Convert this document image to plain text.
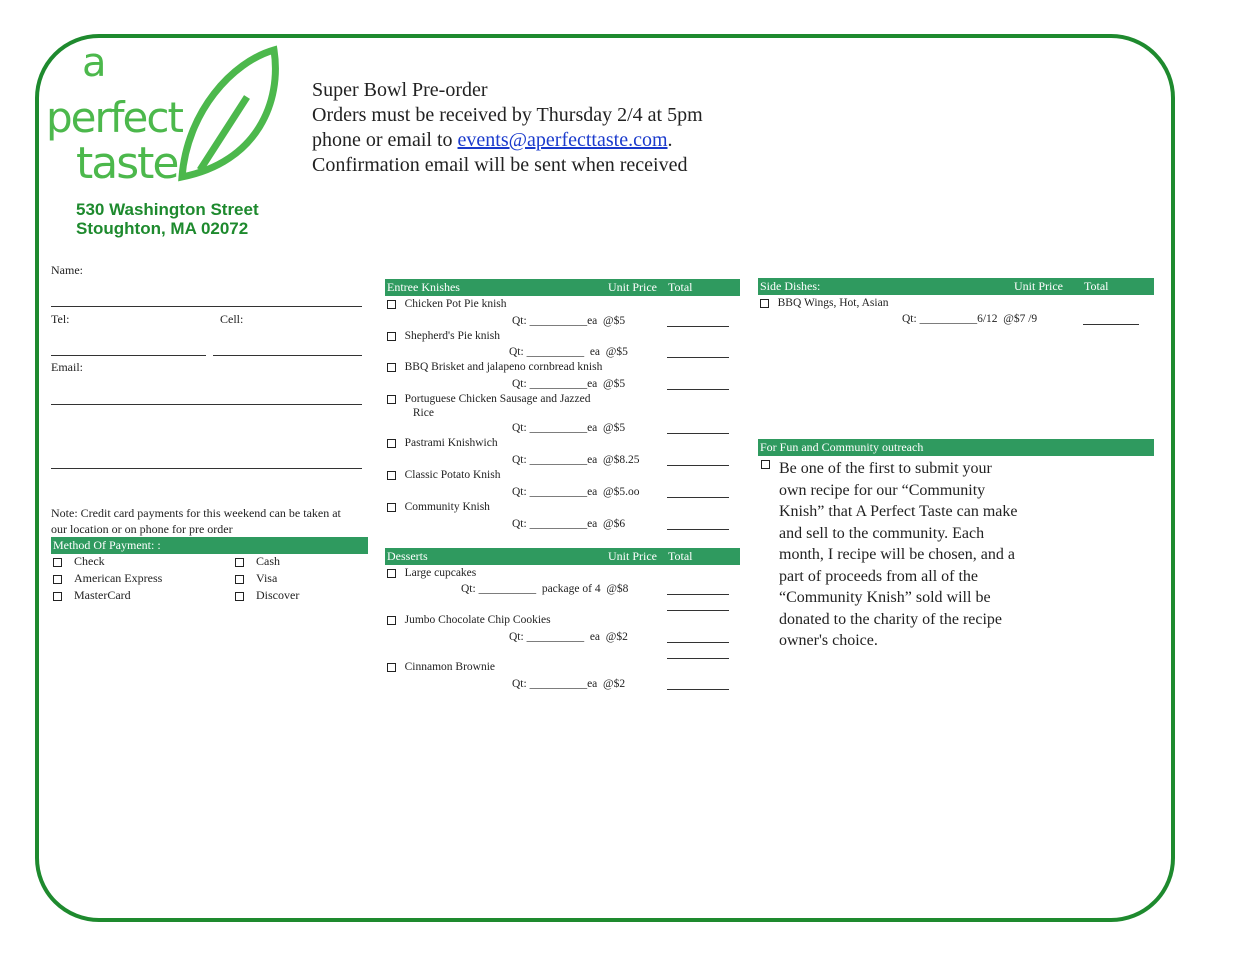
a
perfect
taste
530 Washington Street
Stoughton, MA 02072
Super Bowl Pre-order
Orders must be received by Thursday 2/4 at 5pm
phone or email to events@aperfecttaste.com.
Confirmation email will be sent when received
Name:
Tel:	Cell:
Email:
Note: Credit card payments for this weekend can be taken at
our location or on phone for pre order
Method Of Payment: :
Check	Cash
American Express	Visa
MasterCard	Discover
Entree Knishes	Unit Price Total
Chicken Pot Pie knish
Qt: __________ea  @$5
Shepherd's Pie knish
Qt: __________  ea  @$5
BBQ Brisket and jalapeno cornbread knish
Qt: __________ea  @$5
Portuguese Chicken Sausage and Jazzed
Rice
Qt: __________ea  @$5
Pastrami Knishwich
Qt: __________ea  @$8.25
Classic Potato Knish
Qt: __________ea  @$5.oo
Community Knish
Qt: __________ea  @$6
Desserts	Unit Price Total
Large cupcakes
Qt: __________  package of 4  @$8
Jumbo Chocolate Chip Cookies
Qt: __________  ea  @$2
Cinnamon Brownie
Qt: __________ea  @$2
Side Dishes:	Unit Price Total
BBQ Wings, Hot, Asian
Qt: __________6/12  @$7 /9
For Fun and Community outreach
Be one of the first to submit your own recipe for our “Community Knish” that A Perfect Taste can make and sell to the community. Each month, I recipe will be chosen, and a part of proceeds from all of the “Community Knish” sold will be donated to the charity of the recipe owner's choice.
